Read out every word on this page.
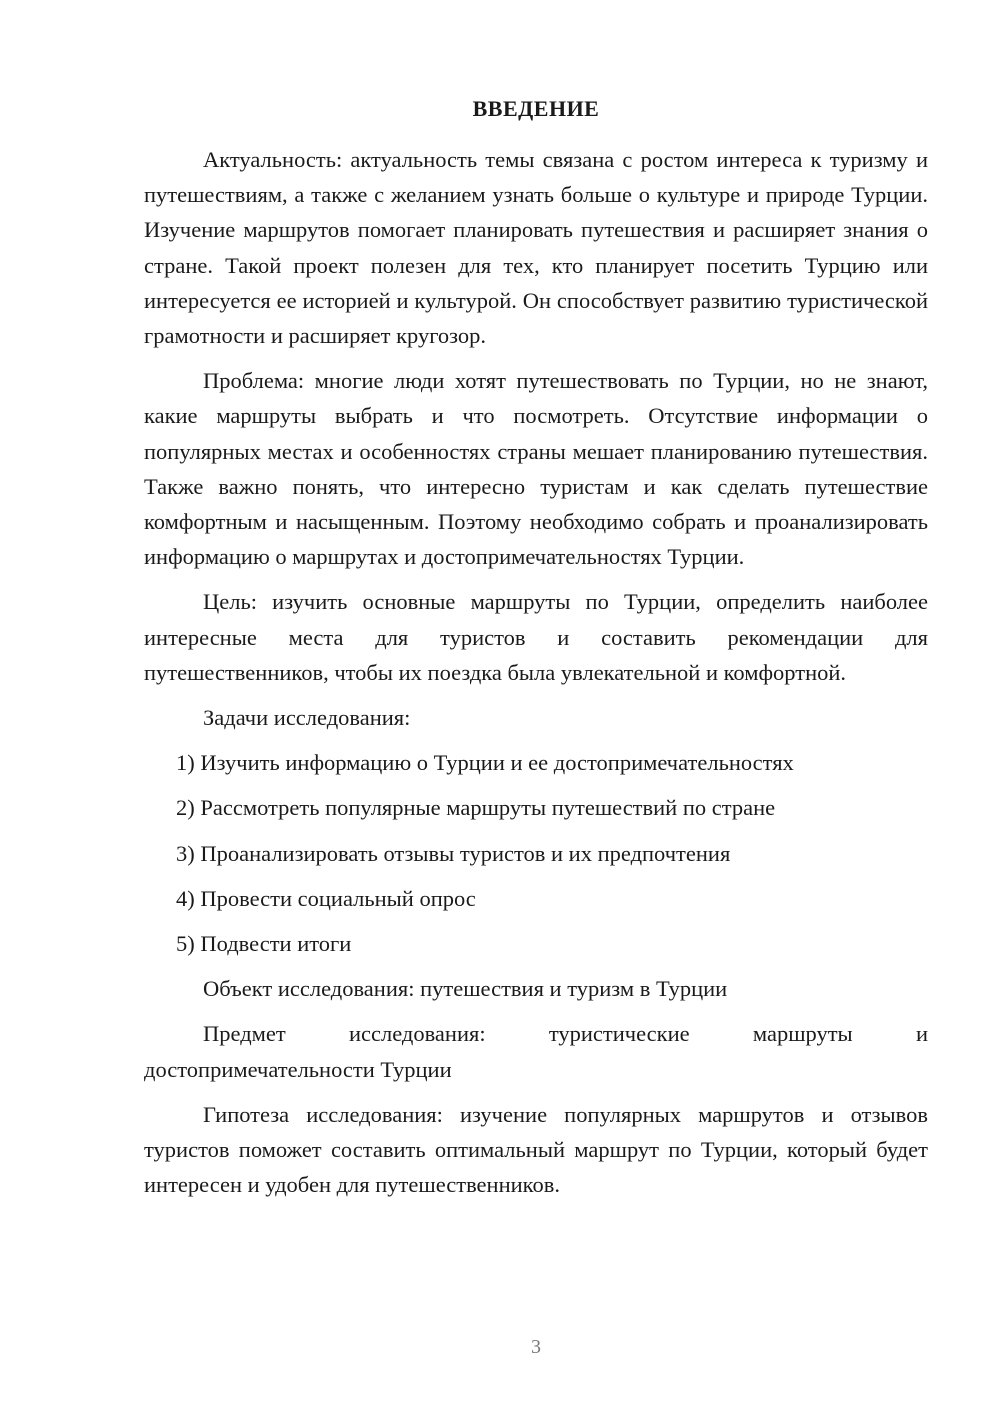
ВВЕДЕНИЕ

Актуальность: актуальность темы связана с ростом интереса к туризму и путешествиям, а также с желанием узнать больше о культуре и природе Турции. Изучение маршрутов помогает планировать путешествия и расширяет знания о стране. Такой проект полезен для тех, кто планирует посетить Турцию или интересуется ее историей и культурой. Он способствует развитию туристической грамотности и расширяет кругозор.

Проблема: многие люди хотят путешествовать по Турции, но не знают, какие маршруты выбрать и что посмотреть. Отсутствие информации о популярных местах и особенностях страны мешает планированию путешествия. Также важно понять, что интересно туристам и как сделать путешествие комфортным и насыщенным. Поэтому необходимо собрать и проанализировать информацию о маршрутах и достопримечательностях Турции.

Цель: изучить основные маршруты по Турции, определить наиболее интересные места для туристов и составить рекомендации для путешественников, чтобы их поездка была увлекательной и комфортной.

Задачи исследования:

1) Изучить информацию о Турции и ее достопримечательностях

2) Рассмотреть популярные маршруты путешествий по стране

3) Проанализировать отзывы туристов и их предпочтения

4) Провести социальный опрос

5) Подвести итоги

Объект исследования: путешествия и туризм в Турции

Предмет исследования: туристические маршруты и достопримечательности Турции

Гипотеза исследования: изучение популярных маршрутов и отзывов туристов поможет составить оптимальный маршрут по Турции, который будет интересен и удобен для путешественников.

3
